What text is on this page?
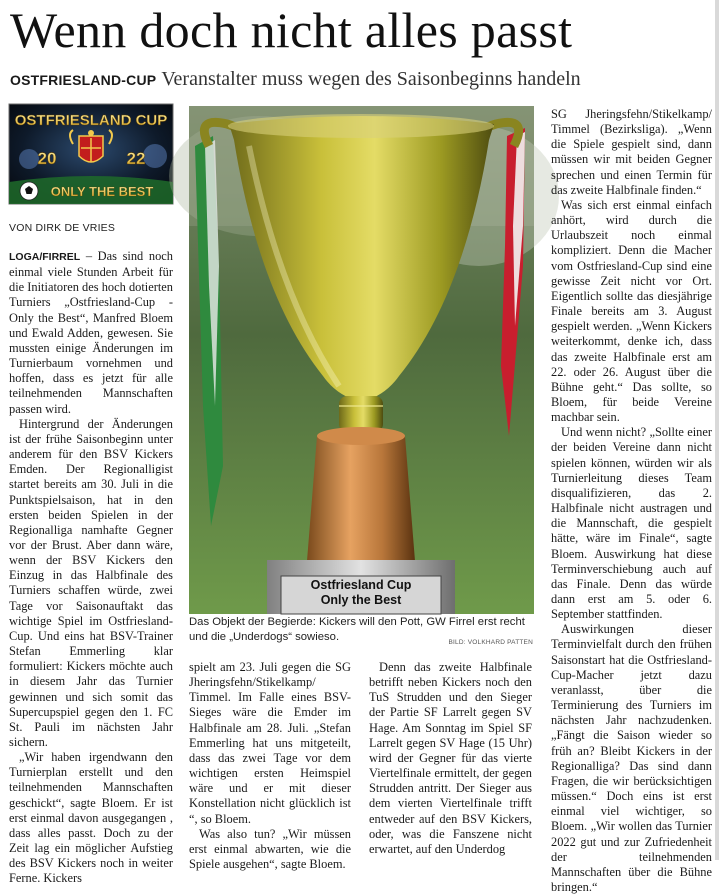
Wenn doch nicht alles passt
OSTFRIESLAND-CUP Veranstalter muss wegen des Saisonbeginns handeln
OSTFRIESLAND CUP
20	22
ONLY THE BEST
VON DIRK DE VRIES

LOGA/FIRREL – Das sind noch einmal viele Stunden Arbeit für die Initiatoren des hoch dotierten Turniers „Ostfriesland-Cup - Only the Best“, Manfred Bloem und Ewald Adden, gewesen. Sie mussten einige Änderungen im Turnierbaum vornehmen und hoffen, dass es jetzt für alle teilnehmenden Mannschaften passen wird.

Hintergrund der Änderungen ist der frühe Saisonbeginn unter anderem für den BSV Kickers Emden. Der Regionalligist startet bereits am 30. Juli in die Punktspielsaison, hat in den ersten beiden Spielen in der Regionalliga namhafte Gegner vor der Brust. Aber dann wäre, wenn der BSV Kickers den Einzug in das Halbfinale des Turniers schaffen würde, zwei Tage vor Saisonauftakt das wichtige Spiel im Ostfriesland-Cup. Und eins hat BSV-Trainer Stefan Emmerling klar formuliert: Kickers möchte auch in diesem Jahr das Turnier gewinnen und sich somit das Supercupspiel gegen den 1. FC St. Pauli im nächsten Jahr sichern.

„Wir haben irgendwann den Turnierplan erstellt und den teilnehmenden Mannschaften geschickt“, sagte Bloem. Er ist erst einmal davon ausgegangen , dass alles passt. Doch zu der Zeit lag ein möglicher Aufstieg des BSV Kickers noch in weiter Ferne. Kickers

Ostfriesland Cup
Only the Best
Das Objekt der Begierde: Kickers will den Pott, GW Firrel erst recht und die „Underdogs“ sowieso.	BILD: VOLKHARD PATTEN

spielt am 23. Juli gegen die SG Jheringsfehn/Stikelkamp/ Timmel. Im Falle eines BSV-Sieges wäre die Emder im Halbfinale am 28. Juli. „Stefan Emmerling hat uns mitgeteilt, dass das zwei Tage vor dem wichtigen ersten Heimspiel wäre und er mit dieser Konstellation nicht glücklich ist “, so Bloem.

Was also tun? „Wir müssen erst einmal abwarten, wie die Spiele ausgehen“, sagte Bloem.

Denn das zweite Halbfinale betrifft neben Kickers noch den TuS Strudden und den Sieger der Partie SF Larrelt gegen SV Hage. Am Sonntag im Spiel SF Larrelt gegen SV Hage (15 Uhr) wird der Gegner für das vierte Viertelfinale ermittelt, der gegen Strudden antritt. Der Sieger aus dem vierten Viertelfinale trifft entweder auf den BSV Kickers, oder, was die Fanszene nicht erwartet, auf den Underdog

SG Jheringsfehn/Stikelkamp/ Timmel (Bezirksliga). „Wenn die Spiele gespielt sind, dann müssen wir mit beiden Gegner sprechen und einen Termin für das zweite Halbfinale finden.“

Was sich erst einmal einfach anhört, wird durch die Urlaubszeit noch einmal kompliziert. Denn die Macher vom Ostfriesland-Cup sind eine gewisse Zeit nicht vor Ort. Eigentlich sollte das diesjährige Finale bereits am 3. August gespielt werden. „Wenn Kickers weiterkommt, denke ich, dass das zweite Halbfinale erst am 22. oder 26. August über die Bühne geht.“ Das sollte, so Bloem, für beide Vereine machbar sein.

Und wenn nicht? „Sollte einer der beiden Vereine dann nicht spielen können, würden wir als Turnierleitung dieses Team disqualifizieren, das 2. Halbfinale nicht austragen und die Mannschaft, die gespielt hätte, wäre im Finale“, sagte Bloem. Auswirkung hat diese Terminverschiebung auch auf das Finale. Denn das würde dann erst am 5. oder 6. September stattfinden.

Auswirkungen dieser Terminvielfalt durch den frühen Saisonstart hat die Ostfriesland-Cup-Macher jetzt dazu veranlasst, über die Terminierung des Turniers im nächsten Jahr nachzudenken. „Fängt die Saison wieder so früh an? Bleibt Kickers in der Regionalliga? Das sind dann Fragen, die wir berücksichtigen müssen.“ Doch eins ist erst einmal viel wichtiger, so Bloem. „Wir wollen das Turnier 2022 gut und zur Zufriedenheit der teilnehmenden Mannschaften über die Bühne bringen.“
